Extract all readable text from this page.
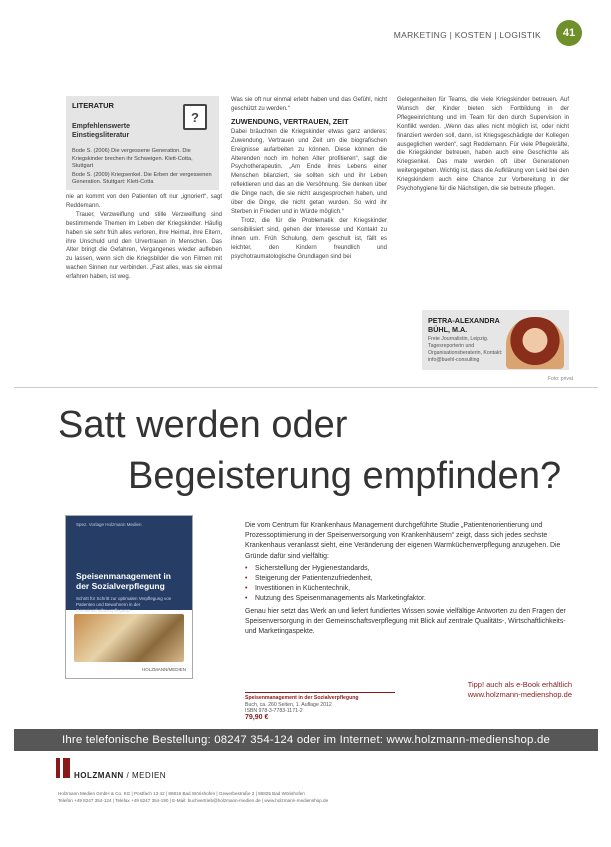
MARKETING | KOSTEN | LOGISTIK	41
LITERATUR
Empfehlenswerte Einstiegsliteratur

Bode S. (2006) Die vergessene Generation. Die Kriegskinder brechen ihr Schweigen. Klett-Cotta, Stuttgart

Bode S. (2009) Kriegsenkel. Die Erben der vergessenen Generation. Stuttgart: Klett-Cotta

?

nie an kommt von den Patienten oft nur „ignoriert“, sagt Reddemann.

Trauer, Verzweiflung und stille Verzweiflung sind bestimmende Themen im Leben der Kriegskinder. Häufig haben sie sehr früh alles verloren, ihre Heimat, ihre Eltern, ihre Unschuld und den Urvertrauen in Menschen. Das Alter bringt die Gefahren, Vergangenes wieder aufleben zu lassen, wenn sich die Kriegsbilder die von Filmen mit wachen Sinnen nur verbinden. „Fast alles, was sie einmal erfahren haben, ist weg.

Was sie oft nur einmal erlebt haben und das Gefühl, nicht geschützt zu werden.“

ZUWENDUNG, VERTRAUEN, ZEIT

Dabei bräuchten die Kriegskinder etwas ganz anderes: Zuwendung, Vertrauen und Zeit um die biografischen Ereignisse aufarbeiten zu können. Diese können die Alterenden noch im hohen Alter profitieren“, sagt die Psychotherapeutin. „Am Ende ihres Lebens einer Menschen bilanziert, sie sollten sich und ihr Leben reflektieren und das an die Versöhnung. Sie denken über die Dinge nach, die sie nicht ausgesprochen haben, und über die Dinge, die nicht getan wurden. So wird ihr Sterben in Frieden und in Würde möglich.“

Trotz, die für die Problematik der Kriegskinder sensibilisiert sind, gehen der Interesse und Kontakt zu ihnen um. Früh Schulung, dem geschult ist, fällt es leichter, den Kindern freundlich und psychotraumatologische Grundlagen sind bei

Gelegenheiten für Teams, die viele Kriegskinder betreuen. Auf Wunsch der Kinder bieten sich Fortbildung in der Pflegeeinrichtung und im Team für den durch Supervision in Konflikt werden. „Wenn das alles nicht möglich ist, oder nicht finanziert werden soll, dann, ist Kriegsgeschädigte der Kollegen ausgeglichen werden“, sagt Reddemann. Für viele Pflegekräfte, die Kriegskinder betreuen, haben auch eine Geschichte als Kriegsenkel. Das mate werden oft über Generationen weitergegeben. Wichtig ist, dass die Aufklärung von Leid bei den Kriegskindern auch eine Chance zur Vorbereitung in der Psychohygiene für die Nächstigen, die sie betreute pflegen.

PETRA-ALEXANDRA BÜHL, M.A.
Freie Journalistin, Leipzig. Tagesreporterin und Organisationsberaterin, Kontakt: info@buehl-consulting
Foto: privat
Satt werden oder
Begeisterung empfinden?
Spez. Vorlage Holzmann Medien
Speisenmanagement in der Sozialverpflegung
Schritt für Schritt zur optimalen Verpflegung von Patienten und Bewohnern in der Gemeinschaftsverpflegung
HOLZMANN/MEDIEN

Die vom Centrum für Krankenhaus Management durchgeführte Studie „Patientenorientierung und Prozessoptimierung in der Speisenversorgung von Krankenhäusern“ zeigt, dass sich jedes sechste Krankenhaus veranlasst sieht, eine Veränderung der eigenen Warmküchenverpflegung anzugehen. Die Gründe dafür sind vielfältig:

• Sicherstellung der Hygienestandards,
• Steigerung der Patientenzufriedenheit,
• Investitionen in Küchentechnik,
• Nutzung des Speisenmanagements als Marketingfaktor.

Genau hier setzt das Werk an und liefert fundiertes Wissen sowie vielfältige Antworten zu den Fragen der Speisenversorgung in der Gemeinschaftsverpflegung mit Blick auf zentrale Qualitäts-, Wirtschaftlichkeits- und Marketingaspekte.

Speisenmanagement in der Sozialverpflegung
Buch, ca. 260 Seiten, 1. Auflage 2012
ISBN 978-3-7783-1171-2
79,90 €
Tipp! auch als e-Book erhältlich
www.holzmann-medienshop.de
Ihre telefonische Bestellung: 08247 354-124 oder im Internet: www.holzmann-medienshop.de
HOLZMANN / MEDIEN
Holzmann Medien GmbH & Co. KG | Postfach 13 42 | 86816 Bad Wörishofen | Gewerbestraße 2 | 86825 Bad Wörishofen
Telefon +49 8247 354-124 | Telefax +49 8247 354-190 | E-Mail: buchvertrieb@holzmann-medien.de | www.holzmann-medienshop.de
